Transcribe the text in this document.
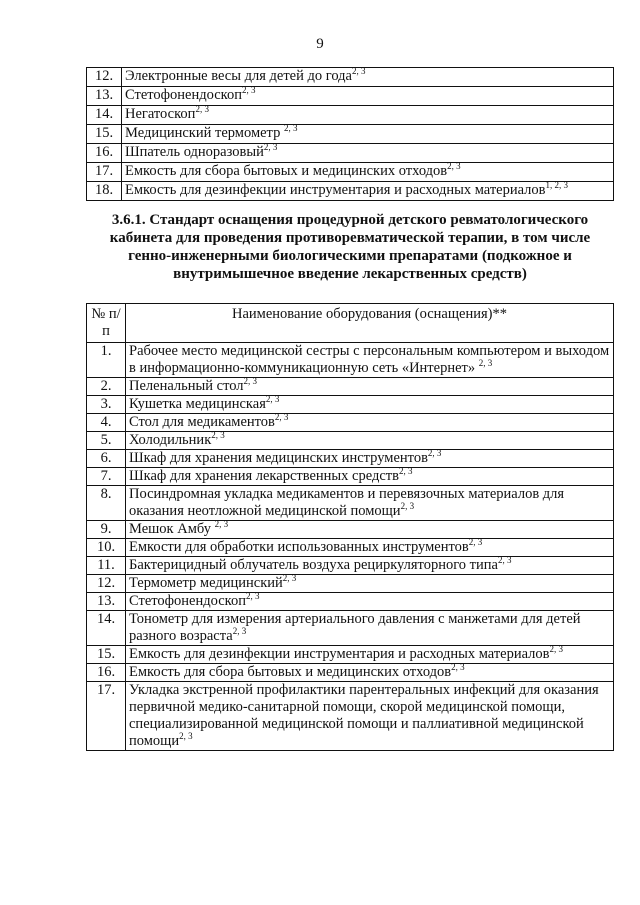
9
12.	Электронные весы для детей до года$^{2, 3}$
13.	Стетофонендоскоп$^{2, 3}$
14.	Негатоскоп$^{2, 3}$
15.	Медицинский термометр $^{2, 3}$
16.	Шпатель одноразовый$^{2, 3}$
17.	Емкость для сбора бытовых и медицинских отходов$^{2, 3}$
18.	Емкость для дезинфекции инструментария и расходных материалов$^{1, 2, 3}$
3.6.1. Стандарт оснащения процедурной детского ревматологического кабинета для проведения противоревматической терапии, в том числе генно-инженерными биологическими препаратами (подкожное и внутримышечное введение лекарственных средств)
№ п/п	Наименование оборудования (оснащения)**
1.	Рабочее место медицинской сестры с персональным компьютером и выходом в информационно-коммуникационную сеть «Интернет» $^{2, 3}$
2.	Пеленальный стол$^{2, 3}$
3.	Кушетка медицинская$^{2, 3}$
4.	Стол для медикаментов$^{2, 3}$
5.	Холодильник$^{2, 3}$
6.	Шкаф для хранения медицинских инструментов$^{2, 3}$
7.	Шкаф для хранения лекарственных средств$^{2, 3}$
8.	Посиндромная укладка медикаментов и перевязочных материалов для оказания неотложной медицинской помощи$^{2, 3}$
9.	Мешок Амбу $^{2, 3}$
10.	Емкости для обработки использованных инструментов$^{2, 3}$
11.	Бактерицидный облучатель воздуха рециркуляторного типа$^{2, 3}$
12.	Термометр медицинский$^{2, 3}$
13.	Стетофонендоскоп$^{2, 3}$
14.	Тонометр для измерения артериального давления с манжетами для детей разного возраста$^{2, 3}$
15.	Емкость для дезинфекции инструментария и расходных материалов$^{2, 3}$
16.	Емкость для сбора бытовых и медицинских отходов$^{2, 3}$
17.	Укладка экстренной профилактики парентеральных инфекций для оказания первичной медико-санитарной помощи, скорой медицинской помощи, специализированной медицинской помощи и паллиативной медицинской помощи$^{2, 3}$
